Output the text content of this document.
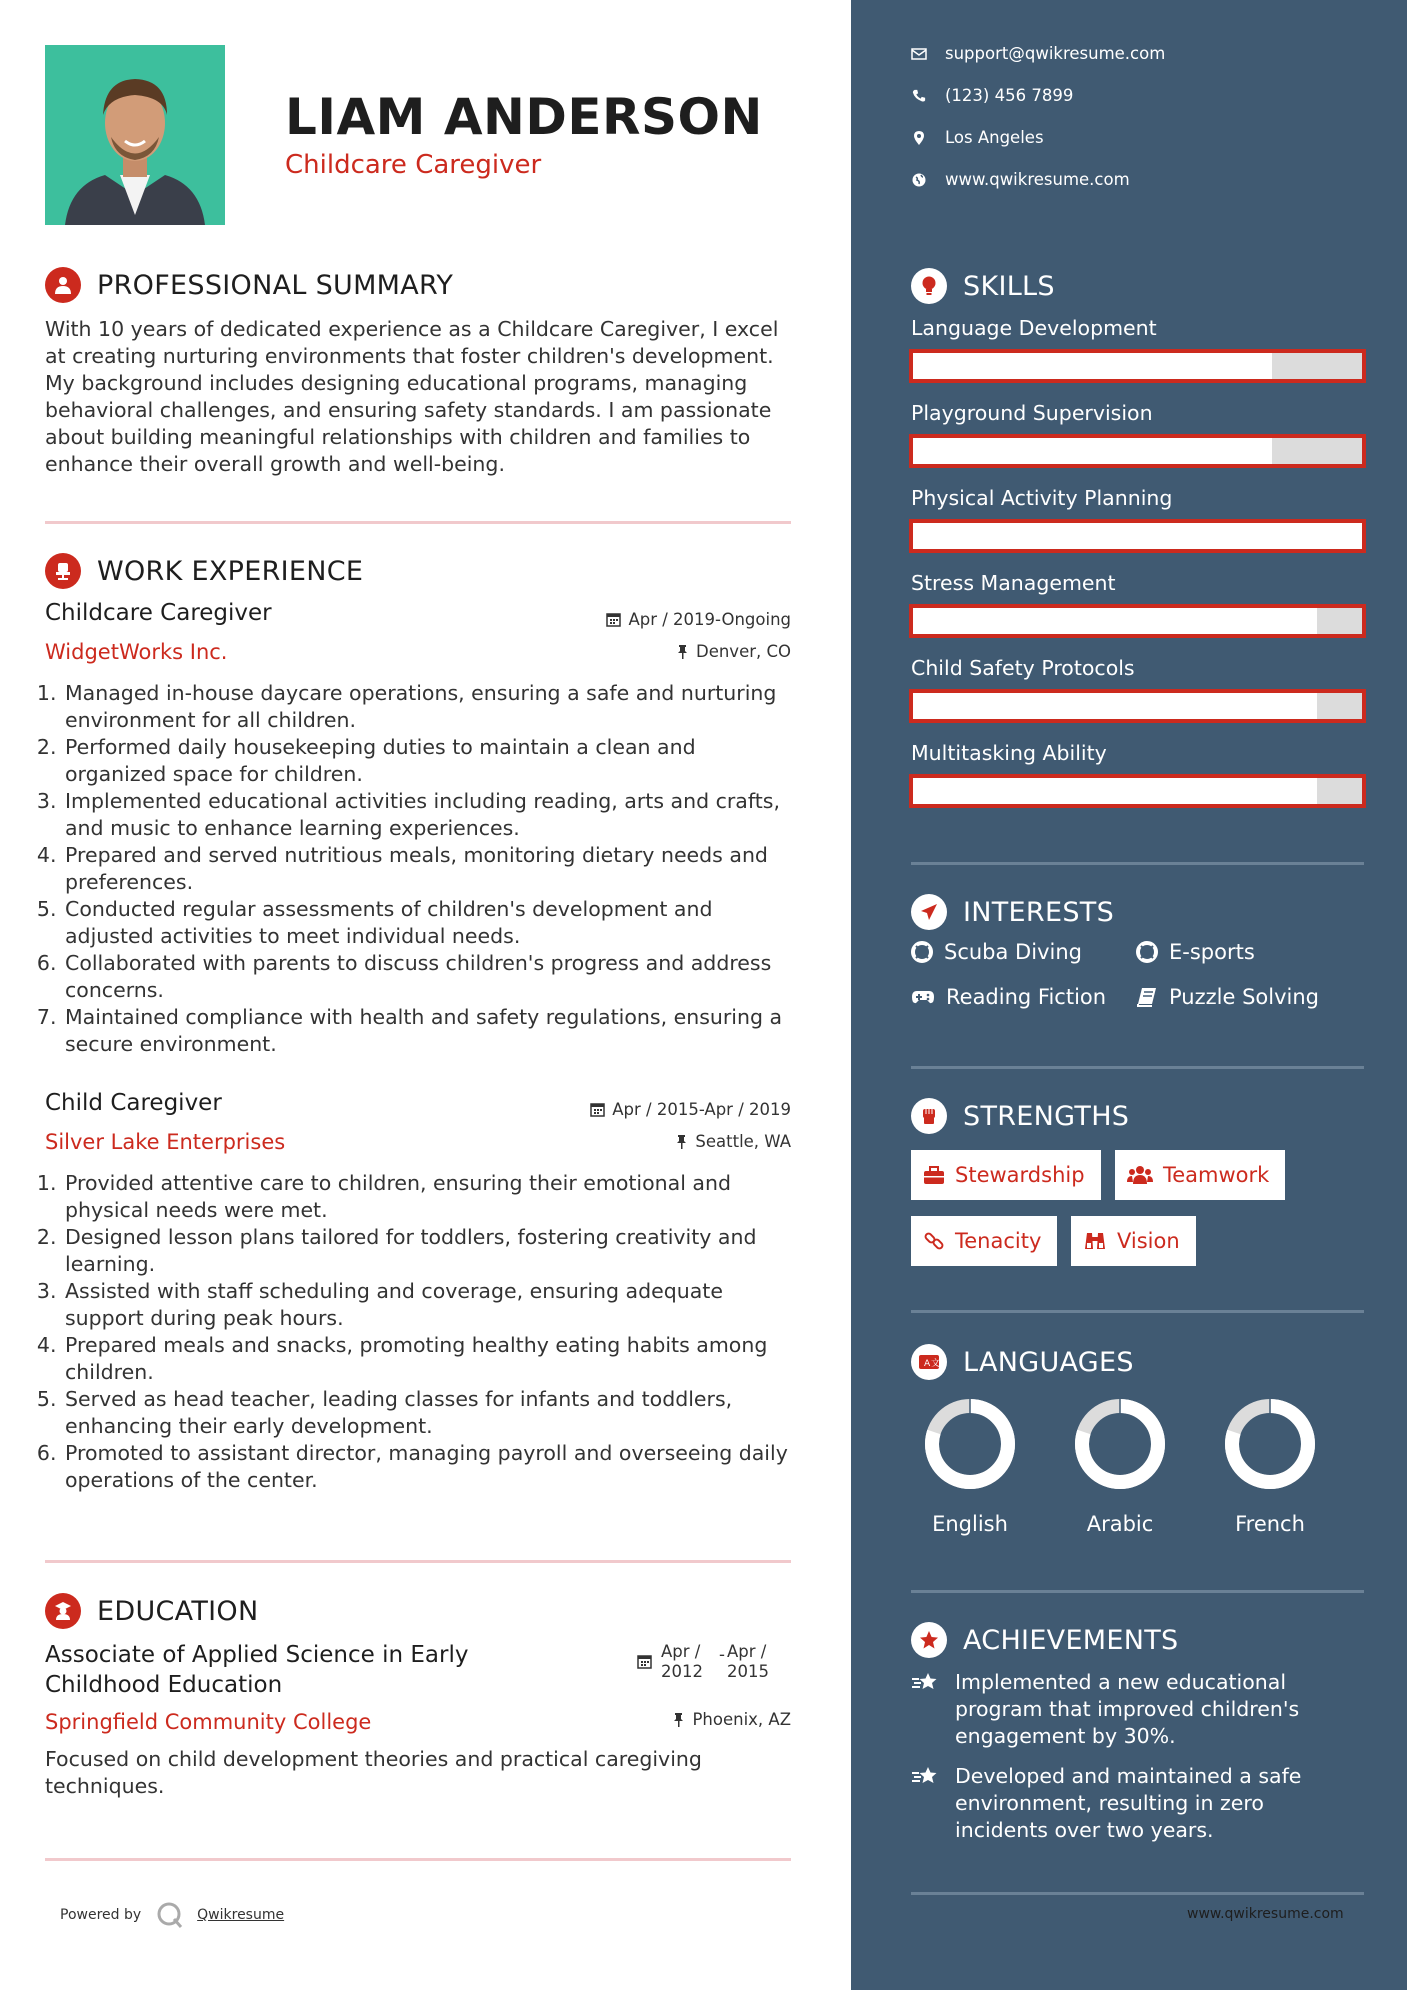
LIAM ANDERSON
Childcare Caregiver
PROFESSIONAL SUMMARY
With 10 years of dedicated experience as a Childcare Caregiver, I excel at creating nurturing environments that foster children's development. My background includes designing educational programs, managing behavioral challenges, and ensuring safety standards. I am passionate about building meaningful relationships with children and families to enhance their overall growth and well-being.
WORK EXPERIENCE
Childcare Caregiver	Apr / 2019-Ongoing
WidgetWorks Inc.	Denver, CO
1. Managed in-house daycare operations, ensuring a safe and nurturing environment for all children.
2. Performed daily housekeeping duties to maintain a clean and organized space for children.
3. Implemented educational activities including reading, arts and crafts, and music to enhance learning experiences.
4. Prepared and served nutritious meals, monitoring dietary needs and preferences.
5. Conducted regular assessments of children's development and adjusted activities to meet individual needs.
6. Collaborated with parents to discuss children's progress and address concerns.
7. Maintained compliance with health and safety regulations, ensuring a secure environment.
Child Caregiver	Apr / 2015-Apr / 2019
Silver Lake Enterprises	Seattle, WA
1. Provided attentive care to children, ensuring their emotional and physical needs were met.
2. Designed lesson plans tailored for toddlers, fostering creativity and learning.
3. Assisted with staff scheduling and coverage, ensuring adequate support during peak hours.
4. Prepared meals and snacks, promoting healthy eating habits among children.
5. Served as head teacher, leading classes for infants and toddlers, enhancing their early development.
6. Promoted to assistant director, managing payroll and overseeing daily operations of the center.
EDUCATION
Associate of Applied Science in Early
Childhood Education
Apr /
2012
- Apr /
2015
Springfield Community College	Phoenix, AZ
Focused on child development theories and practical caregiving techniques.
Powered by	Qwikresume
support@qwikresume.com
(123) 456 7899
Los Angeles
www.qwikresume.com
SKILLS
Language Development
Playground Supervision
Physical Activity Planning
Stress Management
Child Safety Protocols
Multitasking Ability
INTERESTS
Scuba Diving	E-sports
Reading Fiction	Puzzle Solving
STRENGTHS
Stewardship	Teamwork
Tenacity	Vision
A 文 LANGUAGES
English	Arabic	French
ACHIEVEMENTS
Implemented a new educational program that improved children's engagement by 30%.
Developed and maintained a safe environment, resulting in zero incidents over two years.
www.qwikresume.com
